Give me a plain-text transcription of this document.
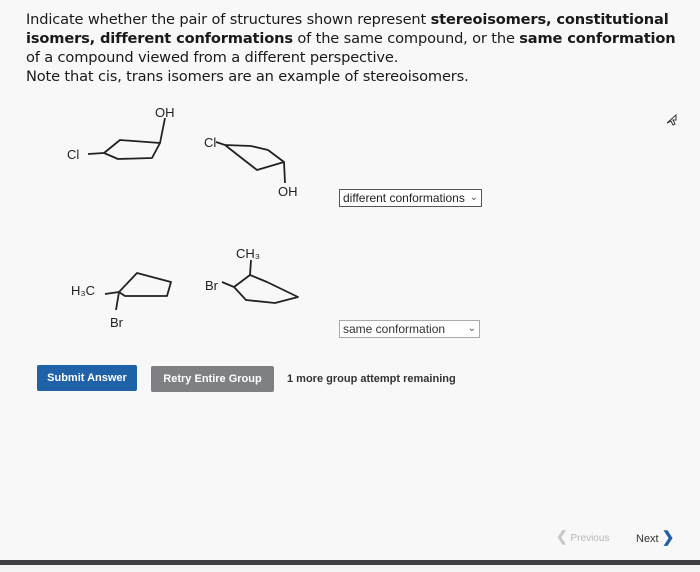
Indicate whether the pair of structures shown represent stereoisomers, constitutional isomers, different conformations of the same compound, or the same conformation of a compound viewed from a different perspective.
Note that cis, trans isomers are an example of stereoisomers.
OH
Cl
Cl
OH	different conformations ⌄
H₃C
Br
CH₃
Br
same conformation ⌄
Submit Answer	Retry Entire Group	1 more group attempt remaining
❮ Previous Next ❯
